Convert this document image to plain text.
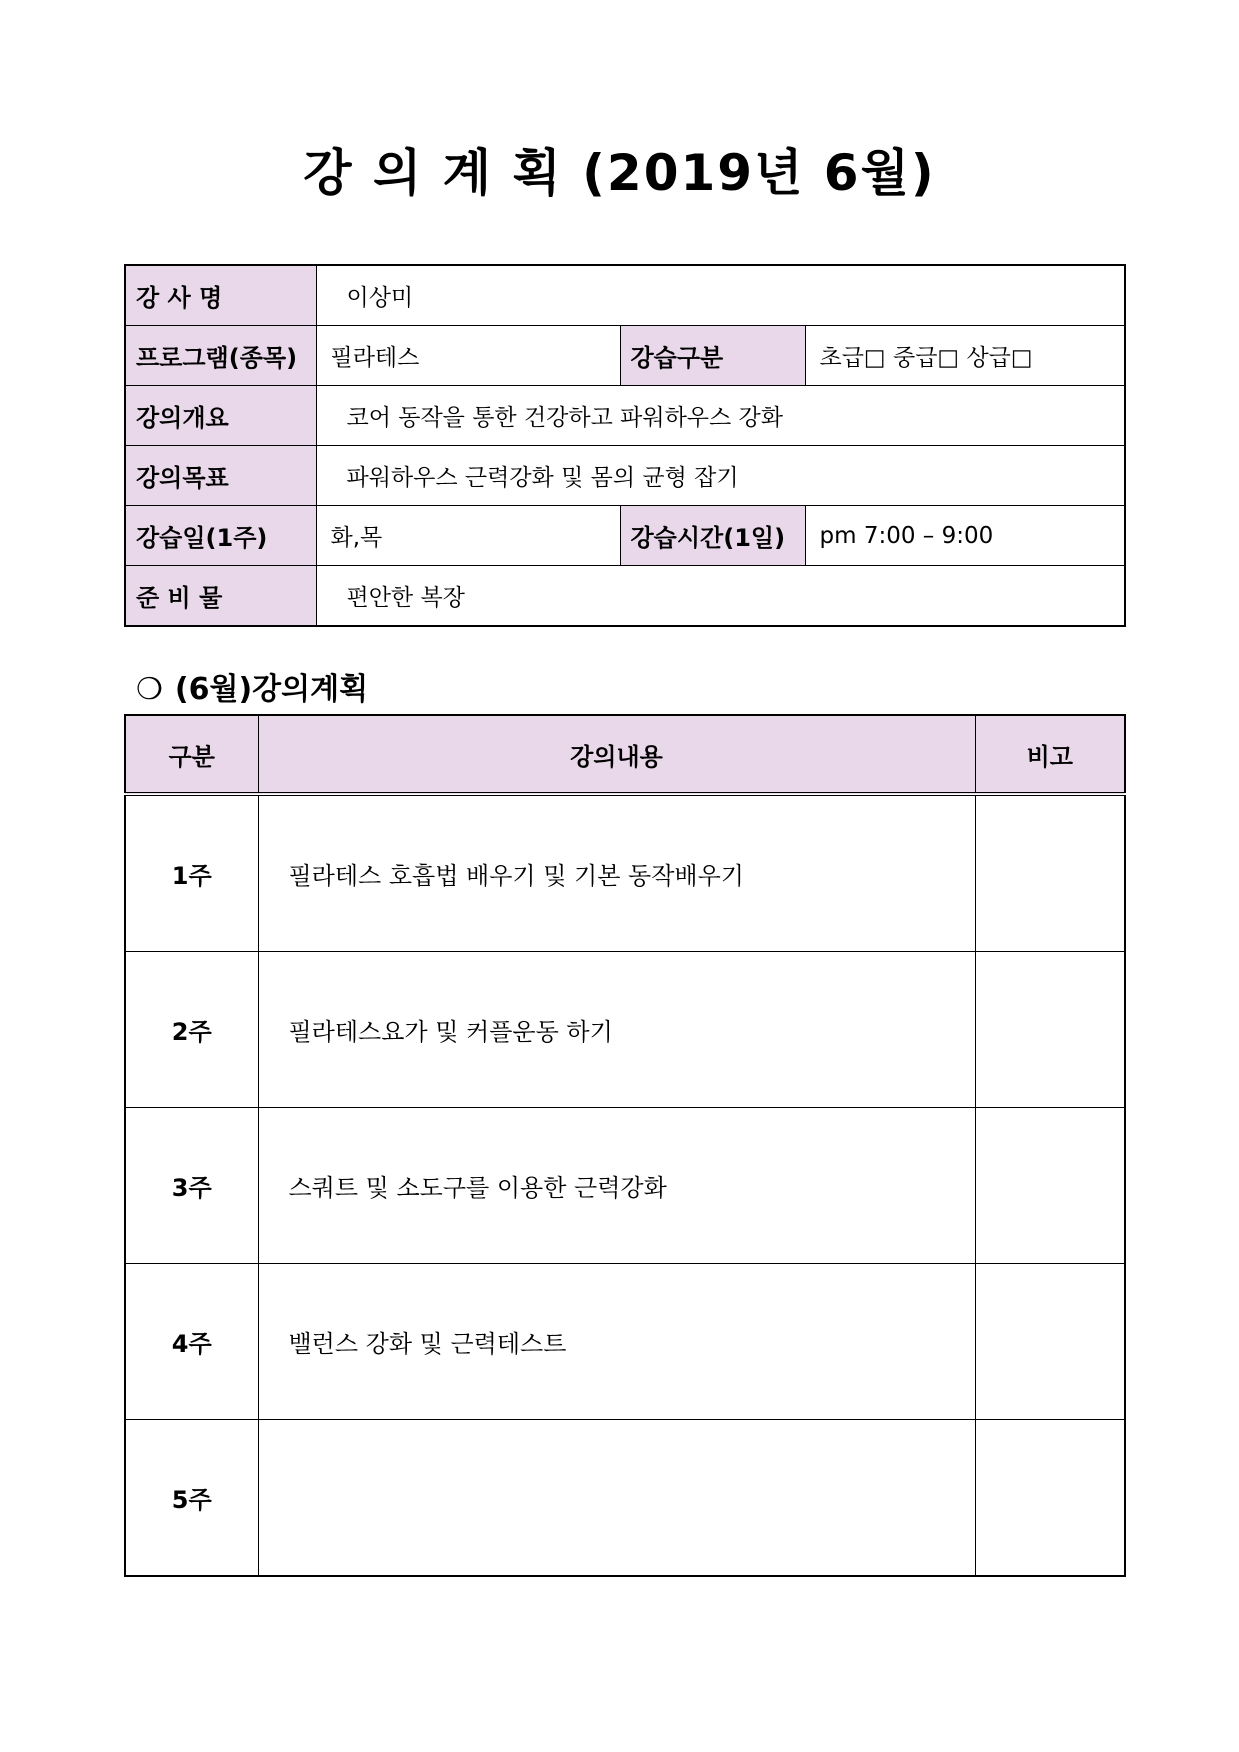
강 의 계 획 (2019년 6월)
강 사 명	이상미		
프로그램(종목)	필라테스	강습구분	초급□ 중급□ 상급□
강의개요	코어 동작을 통한 건강하고 파워하우스 강화		
강의목표	파워하우스 근력강화 및 몸의 균형 잡기		
강습일(1주)	화,목	강습시간(1일)	pm 7:00 – 9:00
준 비 물	편안한 복장		
❍ (6월)강의계획
구분	강의내용	비고
1주	필라테스 호흡법 배우기 및 기본 동작배우기	
2주	필라테스요가 및 커플운동 하기	
3주	스쿼트 및 소도구를 이용한 근력강화	
4주	밸런스 강화 및 근력테스트	
5주		
